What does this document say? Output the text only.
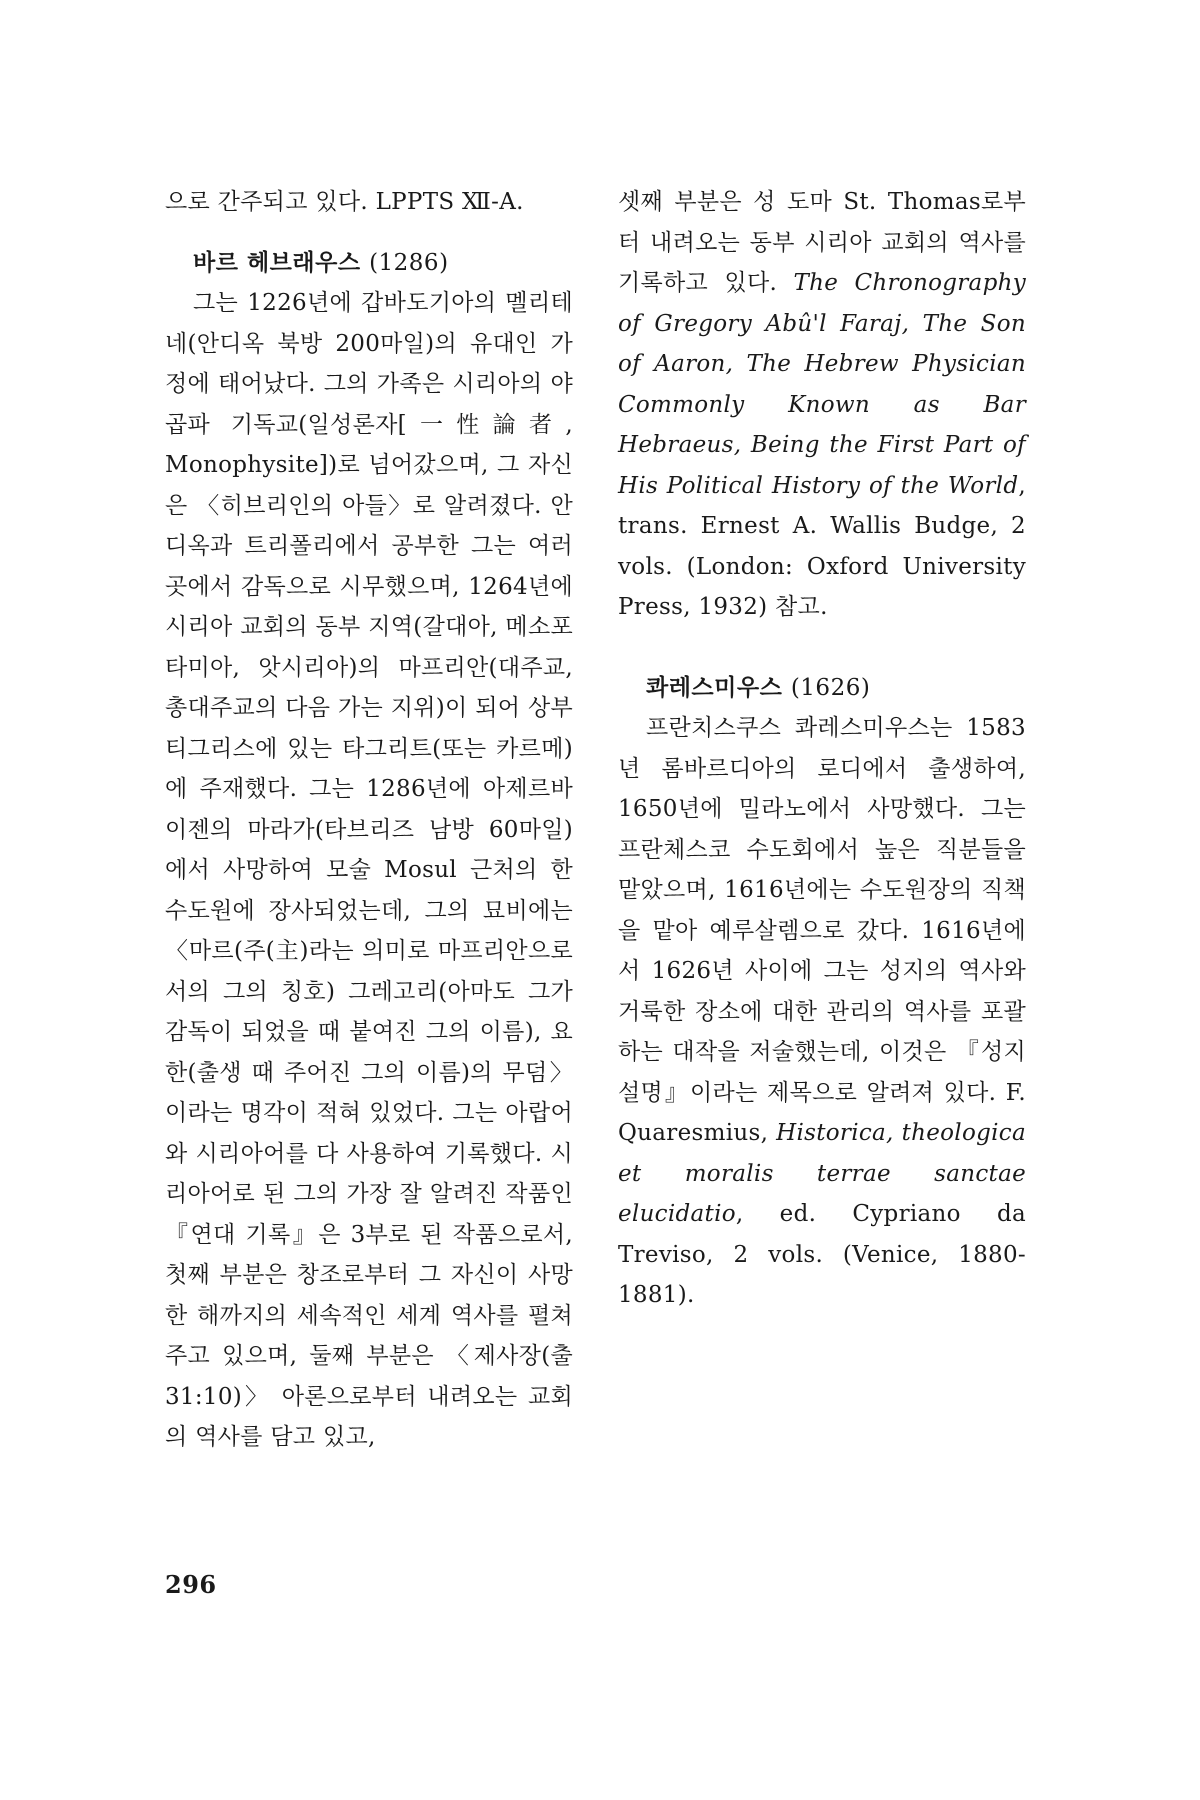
으로 간주되고 있다. LPPTS Ⅻ-A.

바르 헤브래우스 (1286)

그는 1226년에 갑바도기아의 멜리테네(안디옥 북방 200마일)의 유대인 가정에 태어났다. 그의 가족은 시리아의 야곱파 기독교(일성론자[一性論者, Monophysite])로 넘어갔으며, 그 자신은 〈히브리인의 아들〉로 알려졌다. 안디옥과 트리폴리에서 공부한 그는 여러 곳에서 감독으로 시무했으며, 1264년에 시리아 교회의 동부 지역(갈대아, 메소포타미아, 앗시리아)의 마프리안(대주교, 총대주교의 다음 가는 지위)이 되어 상부 티그리스에 있는 타그리트(또는 카르메)에 주재했다. 그는 1286년에 아제르바이젠의 마라가(타브리즈 남방 60마일)에서 사망하여 모술 Mosul 근처의 한 수도원에 장사되었는데, 그의 묘비에는 〈마르(주(主)라는 의미로 마프리안으로서의 그의 칭호) 그레고리(아마도 그가 감독이 되었을 때 붙여진 그의 이름), 요한(출생 때 주어진 그의 이름)의 무덤〉이라는 명각이 적혀 있었다. 그는 아랍어와 시리아어를 다 사용하여 기록했다. 시리아어로 된 그의 가장 잘 알려진 작품인 『연대 기록』은 3부로 된 작품으로서, 첫째 부분은 창조로부터 그 자신이 사망한 해까지의 세속적인 세계 역사를 펼쳐 주고 있으며, 둘째 부분은 〈제사장(출 31:10)〉 아론으로부터 내려오는 교회의 역사를 담고 있고,

셋째 부분은 성 도마 St. Thomas로부터 내려오는 동부 시리아 교회의 역사를 기록하고 있다. The Chronography of Gregory Abû'l Faraj, The Son of Aaron, The Hebrew Physician Commonly Known as Bar Hebraeus, Being the First Part of His Political History of the World, trans. Ernest A. Wallis Budge, 2 vols. (London: Oxford University Press, 1932) 참고.

콰레스미우스 (1626)

프란치스쿠스 콰레스미우스는 1583년 롬바르디아의 로디에서 출생하여, 1650년에 밀라노에서 사망했다. 그는 프란체스코 수도회에서 높은 직분들을 맡았으며, 1616년에는 수도원장의 직책을 맡아 예루살렘으로 갔다. 1616년에서 1626년 사이에 그는 성지의 역사와 거룩한 장소에 대한 관리의 역사를 포괄하는 대작을 저술했는데, 이것은 『성지 설명』이라는 제목으로 알려져 있다. F. Quaresmius, Historica, theologica et moralis terrae sanctae elucidatio, ed. Cypriano da Treviso, 2 vols. (Venice, 1880-1881).

296
